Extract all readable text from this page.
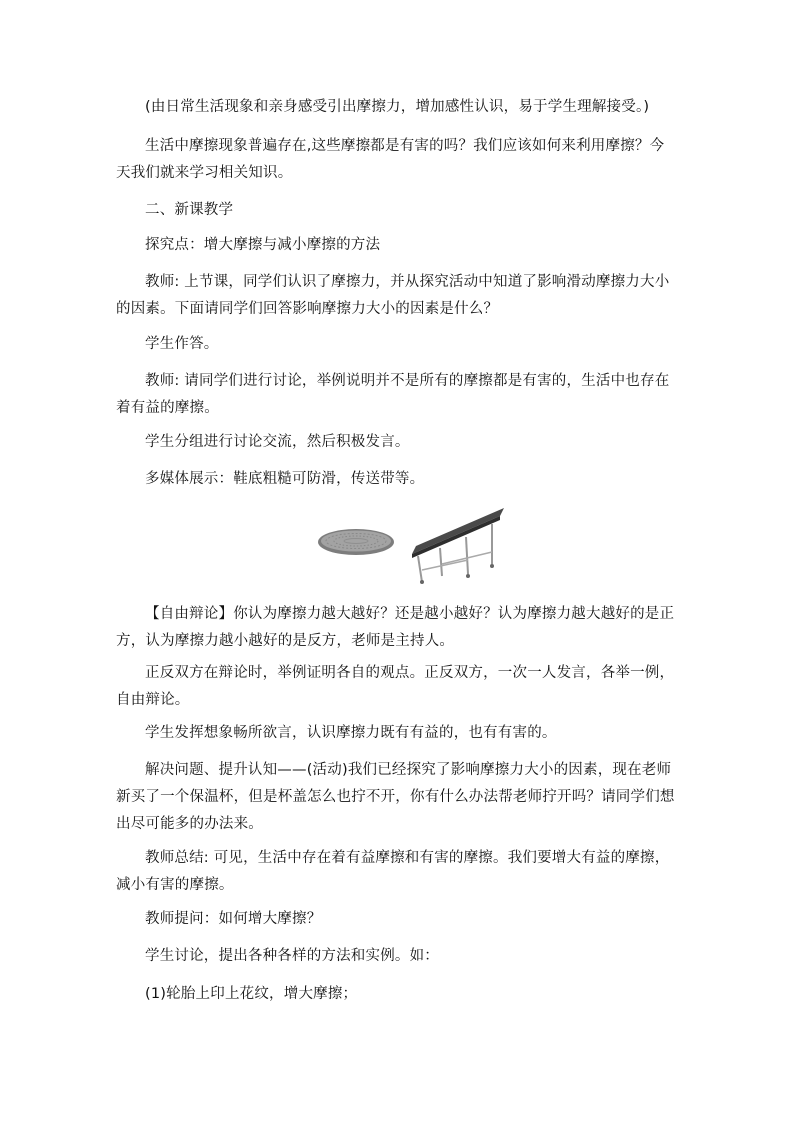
(由日常生活现象和亲身感受引出摩擦力，增加感性认识，易于学生理解接受。)

生活中摩擦现象普遍存在,这些摩擦都是有害的吗？我们应该如何来利用摩擦？今天我们就来学习相关知识。

二、新课教学

探究点：增大摩擦与减小摩擦的方法

教师: 上节课，同学们认识了摩擦力，并从探究活动中知道了影响滑动摩擦力大小的因素。下面请同学们回答影响摩擦力大小的因素是什么？

学生作答。

教师: 请同学们进行讨论，举例说明并不是所有的摩擦都是有害的，生活中也存在着有益的摩擦。

学生分组进行讨论交流，然后积极发言。

多媒体展示：鞋底粗糙可防滑，传送带等。

【自由辩论】你认为摩擦力越大越好？还是越小越好？认为摩擦力越大越好的是正方，认为摩擦力越小越好的是反方，老师是主持人。

正反双方在辩论时，举例证明各自的观点。正反双方，一次一人发言，各举一例，自由辩论。

学生发挥想象畅所欲言，认识摩擦力既有有益的，也有有害的。

解决问题、提升认知——(活动)我们已经探究了影响摩擦力大小的因素，现在老师新买了一个保温杯，但是杯盖怎么也拧不开，你有什么办法帮老师拧开吗？请同学们想出尽可能多的办法来。

教师总结: 可见，生活中存在着有益摩擦和有害的摩擦。我们要增大有益的摩擦，减小有害的摩擦。

教师提问：如何增大摩擦？

学生讨论，提出各种各样的方法和实例。如：

(1)轮胎上印上花纹，增大摩擦；
